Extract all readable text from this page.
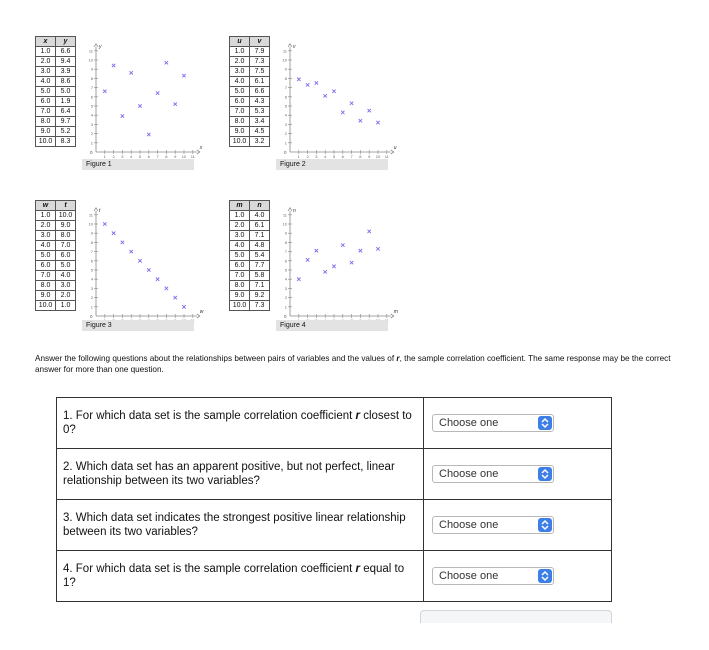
x	y
1.0	6.6
2.0	9.4
3.0	3.9
4.0	8.6
5.0	5.0
6.0	1.9
7.0	6.4
8.0	9.7
9.0	5.2
10.0	8.3
0
x
y
1
1
2
2
3
3
4
4
5
5
6
6
7
7
8
8
9
9
10
10
11
11
Figure 1
u	v
1.0	7.9
2.0	7.3
3.0	7.5
4.0	6.1
5.0	6.6
6.0	4.3
7.0	5.3
8.0	3.4
9.0	4.5
10.0	3.2
0
u
v
1
1
2
2
3
3
4
4
5
5
6
6
7
7
8
8
9
9
10
10
11
11
Figure 2
w	t
1.0	10.0
2.0	9.0
3.0	8.0
4.0	7.0
5.0	6.0
6.0	5.0
7.0	4.0
8.0	3.0
9.0	2.0
10.0	1.0
0
w
t
1
2
3
4
5
6
7
8
9
10
11
Figure 3
m	n
1.0	4.0
2.0	6.1
3.0	7.1
4.0	4.8
5.0	5.4
6.0	7.7
7.0	5.8
8.0	7.1
9.0	9.2
10.0	7.3
0
m
n
1
2
3
4
5
6
7
8
9
10
11
Figure 4
Answer the following questions about the relationships between pairs of variables and the values of r, the sample correlation coefficient. The same response may be the correct answer for more than one question.
1. For which data set is the sample correlation coefficient r closest to 0?	Choose one

2. Which data set has an apparent positive, but not perfect, linear relationship between its two variables?	Choose one

3. Which data set indicates the strongest positive linear relationship between its two variables?	Choose one

4. For which data set is the sample correlation coefficient r equal to 1?	Choose one
